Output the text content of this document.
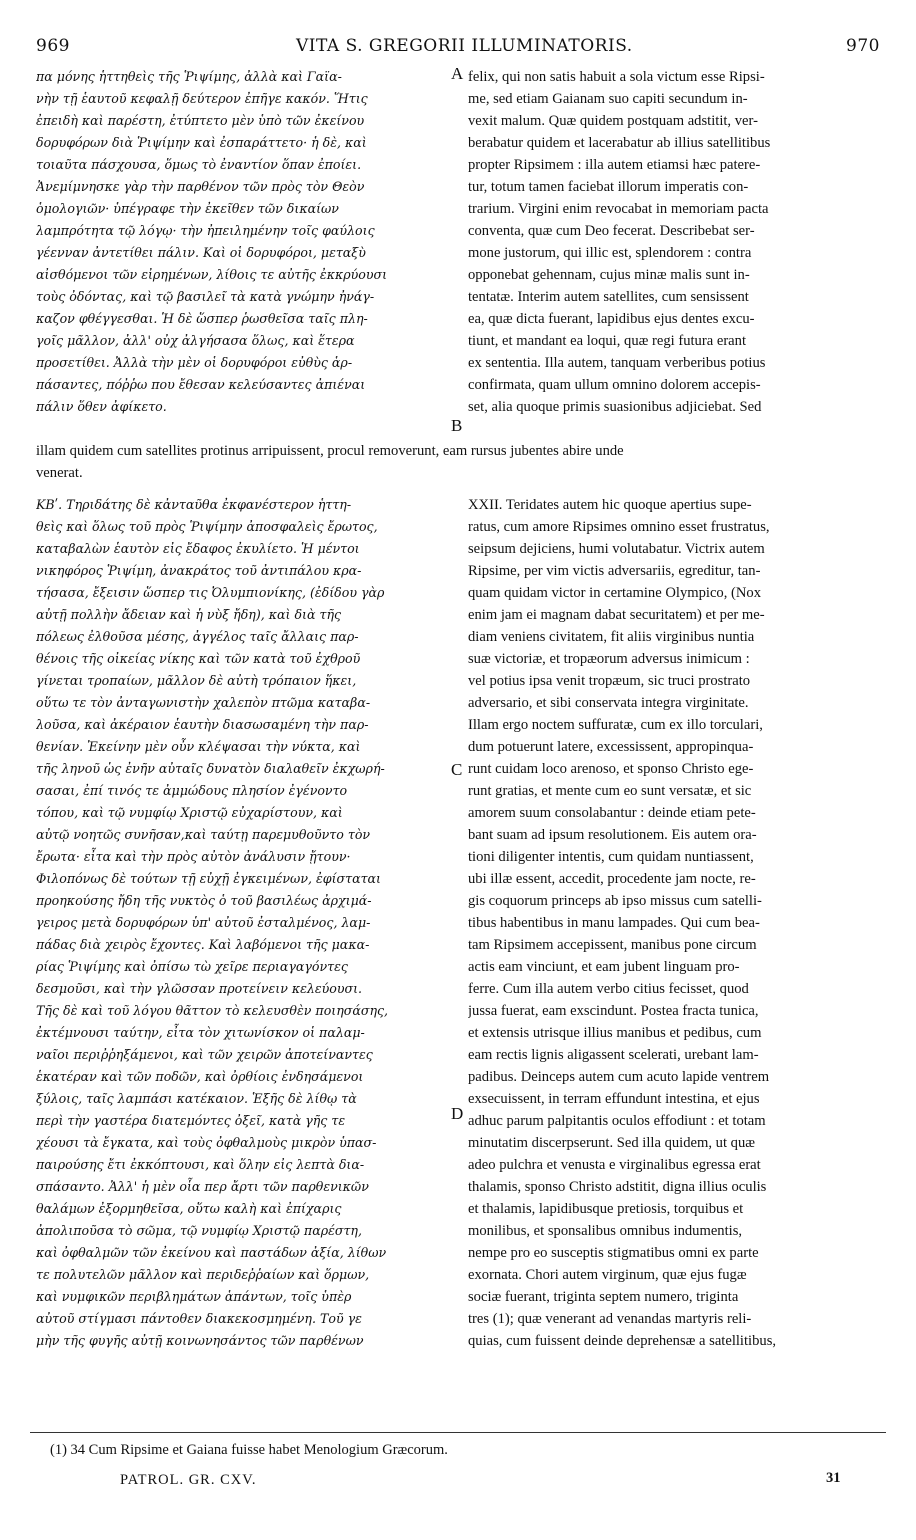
969	VITA S. GREGORII ILLUMINATORIS.	970
πα μόνης ἡττηθεὶς τῆς Ῥιψίμης, ἀλλὰ καὶ Γαϊα-
νὴν τῇ ἑαυτοῦ κεφαλῇ δεύτερον ἐπῆγε κακόν. Ἥτις
ἐπειδὴ καὶ παρέστη, ἐτύπτετο μὲν ὑπὸ τῶν ἐκείνου
δορυφόρων διὰ Ῥιψίμην καὶ ἐσπαράττετο· ἡ δὲ, καὶ
τοιαῦτα πάσχουσα, ὅμως τὸ ἐναντίον ὅπαν ἐποίει.
Ἀνεμίμνησκε γὰρ τὴν παρθένον τῶν πρὸς τὸν Θεὸν
ὁμολογιῶν· ὑπέγραφε τὴν ἐκεῖθεν τῶν δικαίων
λαμπρότητα τῷ λόγῳ· τὴν ἠπειλημένην τοῖς φαύλοις
γέενναν ἀντετίθει πάλιν. Καὶ οἱ δορυφόροι, μεταξὺ
αἰσθόμενοι τῶν εἰρημένων, λίθοις τε αὐτῆς ἐκκρύουσι
τοὺς ὀδόντας, καὶ τῷ βασιλεῖ τὰ κατὰ γνώμην ἠνάγ-
καζον φθέγγεσθαι. Ἡ δὲ ὥσπερ ῥωσθεῖσα ταῖς πλη-
γοῖς μᾶλλον, ἀλλ' οὐχ ἀλγήσασα ὅλως, καὶ ἕτερα
προσετίθει. Ἀλλὰ τὴν μὲν οἱ δορυφόροι εὐθὺς ἁρ-
πάσαντες, πόῤῥω που ἔθεσαν κελεύσαντες ἀπιέναι
πάλιν ὅθεν ἀφίκετο.
felix, qui non satis habuit a sola victum esse Ripsi-
me, sed etiam Gaianam suo capiti secundum in-
vexit malum. Quæ quidem postquam adstitit, ver-
berabatur quidem et lacerabatur ab illius satellitibus
propter Ripsimem : illa autem etiamsi hæc patere-
tur, totum tamen faciebat illorum imperatis con-
trarium. Virgini enim revocabat in memoriam pacta
conventa, quæ cum Deo fecerat. Describebat ser-
mone justorum, qui illic est, splendorem : contra
opponebat gehennam, cujus minæ malis sunt in-
tentatæ. Interim autem satellites, cum sensissent
ea, quæ dicta fuerant, lapidibus ejus dentes excu-
tiunt, et mandant ea loqui, quæ regi futura erant
ex sententia. Illa autem, tanquam verberibus potius
confirmata, quam ullum omnino dolorem accepis-
set, alia quoque primis suasionibus adjiciebat. Sed
illam quidem cum satellites protinus arripuissent, procul removerunt, eam rursus jubentes abire unde
venerat.
ΚΒʹ. Τηριδάτης δὲ κἀνταῦθα ἐκφανέστερον ἡττη-
θεὶς καὶ ὅλως τοῦ πρὸς Ῥιψίμην ἀποσφαλεὶς ἔρωτος,
καταβαλὼν ἑαυτὸν εἰς ἔδαφος ἐκυλίετο. Ἡ μέντοι
νικηφόρος Ῥιψίμη, ἀνακράτος τοῦ ἀντιπάλου κρα-
τήσασα, ἔξεισιν ὥσπερ τις Ὀλυμπιονίκης, (ἐδίδου γὰρ
αὐτῇ πολλὴν ἄδειαν καὶ ἡ νὺξ ἤδη), καὶ διὰ τῆς
πόλεως ἐλθοῦσα μέσης, ἀγγέλος ταῖς ἄλλαις παρ-
θένοις τῆς οἰκείας νίκης καὶ τῶν κατὰ τοῦ ἐχθροῦ
γίνεται τροπαίων, μᾶλλον δὲ αὐτὴ τρόπαιον ἥκει,
οὕτω τε τὸν ἀνταγωνιστὴν χαλεπὸν πτῶμα καταβα-
λοῦσα, καὶ ἀκέραιον ἑαυτὴν διασωσαμένη τὴν παρ-
θενίαν. Ἐκείνην μὲν οὖν κλέψασαι τὴν νύκτα, καὶ
τῆς ληνοῦ ὡς ἐνῆν αὐταῖς δυνατὸν διαλαθεῖν ἐκχωρή-
σασαι, ἐπί τινός τε ἀμμώδους πλησίον ἐγένοντο
τόπου, καὶ τῷ νυμφίῳ Χριστῷ εὐχαρίστουν, καὶ
αὐτῷ νοητῶς συνῆσαν,καὶ ταύτῃ παρεμυθοῦντο τὸν
ἔρωτα· εἶτα καὶ τὴν πρὸς αὐτὸν ἀνάλυσιν ᾔτουν·
Φιλοπόνως δὲ τούτων τῇ εὐχῇ ἐγκειμένων, ἐφίσταται
προηκούσης ἤδη τῆς νυκτὸς ὁ τοῦ βασιλέως ἀρχιμά-
γειρος μετὰ δορυφόρων ὑπ' αὐτοῦ ἐσταλμένος, λαμ-
πάδας διὰ χειρὸς ἔχοντες. Καὶ λαβόμενοι τῆς μακα-
ρίας Ῥιψίμης καὶ ὀπίσω τὼ χεῖρε περιαγαγόντες
δεσμοῦσι, καὶ τὴν γλῶσσαν προτείνειν κελεύουσι.
Τῆς δὲ καὶ τοῦ λόγου θᾶττον τὸ κελευσθὲν ποιησάσης,
ἐκτέμνουσι ταύτην, εἶτα τὸν χιτωνίσκον οἱ παλαμ-
ναῖοι περιῤῥηξάμενοι, καὶ τῶν χειρῶν ἀποτείναντες
ἑκατέραν καὶ τῶν ποδῶν, καὶ ὀρθίοις ἐνδησάμενοι
ξύλοις, ταῖς λαμπάσι κατέκαιον. Ἑξῆς δὲ λίθῳ τὰ
περὶ τὴν γαστέρα διατεμόντες ὀξεῖ, κατὰ γῆς τε
χέουσι τὰ ἔγκατα, καὶ τοὺς ὀφθαλμοὺς μικρὸν ὑπασ-
παιρούσης ἔτι ἐκκόπτουσι, καὶ ὅλην εἰς λεπτὰ δια-
σπάσαντο. Ἀλλ' ἡ μὲν οἷα περ ἄρτι τῶν παρθενικῶν
θαλάμων ἐξορμηθεῖσα, οὕτω καλὴ καὶ ἐπίχαρις
ἀπολιποῦσα τὸ σῶμα, τῷ νυμφίῳ Χριστῷ παρέστη,
καὶ ὀφθαλμῶν τῶν ἐκείνου καὶ παστάδων ἀξία, λίθων
τε πολυτελῶν μᾶλλον καὶ περιδεῤῥαίων καὶ ὅρμων,
καὶ νυμφικῶν περιβλημάτων ἁπάντων, τοῖς ὑπὲρ
αὐτοῦ στίγμασι πάντοθεν διακεκοσμημένη. Τοῦ γε
μὴν τῆς φυγῆς αὐτῇ κοινωνησάντος τῶν παρθένων
XXII. Teridates autem hic quoque apertius supe-
ratus, cum amore Ripsimes omnino esset frustratus,
seipsum dejiciens, humi volutabatur. Victrix autem
Ripsime, per vim victis adversariis, egreditur, tan-
quam quidam victor in certamine Olympico, (Nox
enim jam ei magnam dabat securitatem) et per me-
diam veniens civitatem, fit aliis virginibus nuntia
suæ victoriæ, et tropæorum adversus inimicum :
vel potius ipsa venit tropæum, sic truci prostrato
adversario, et sibi conservata integra virginitate.
Illam ergo noctem suffuratæ, cum ex illo torculari,
dum potuerunt latere, excessissent, appropinqua-
runt cuidam loco arenoso, et sponso Christo ege-
runt gratias, et mente cum eo sunt versatæ, et sic
amorem suum consolabantur : deinde etiam pete-
bant suam ad ipsum resolutionem. Eis autem ora-
tioni diligenter intentis, cum quidam nuntiassent,
ubi illæ essent, accedit, procedente jam nocte, re-
gis coquorum princeps ab ipso missus cum satelli-
tibus habentibus in manu lampades. Qui cum bea-
tam Ripsimem accepissent, manibus pone circum
actis eam vinciunt, et eam jubent linguam pro-
ferre. Cum illa autem verbo citius fecisset, quod
jussa fuerat, eam exscindunt. Postea fracta tunica,
et extensis utrisque illius manibus et pedibus, cum
eam rectis lignis aligassent scelerati, urebant lam-
padibus. Deinceps autem cum acuto lapide ventrem
exsecuissent, in terram effundunt intestina, et ejus
adhuc parum palpitantis oculos effodiunt : et totam
minutatim discerpserunt. Sed illa quidem, ut quæ
adeo pulchra et venusta e virginalibus egressa erat
thalamis, sponso Christo adstitit, digna illius oculis
et thalamis, lapidibusque pretiosis, torquibus et
monilibus, et sponsalibus omnibus indumentis,
nempe pro eo susceptis stigmatibus omni ex parte
exornata. Chori autem virginum, quæ ejus fugæ
sociæ fuerant, triginta septem numero, triginta
tres (1); quæ venerant ad venandas martyris reli-
quias, cum fuissent deinde deprehensæ a satellitibus,
A
B
C
D
(1) 34 Cum Ripsime et Gaiana fuisse habet Menologium Græcorum.
PATROL. GR. CXV.	31
